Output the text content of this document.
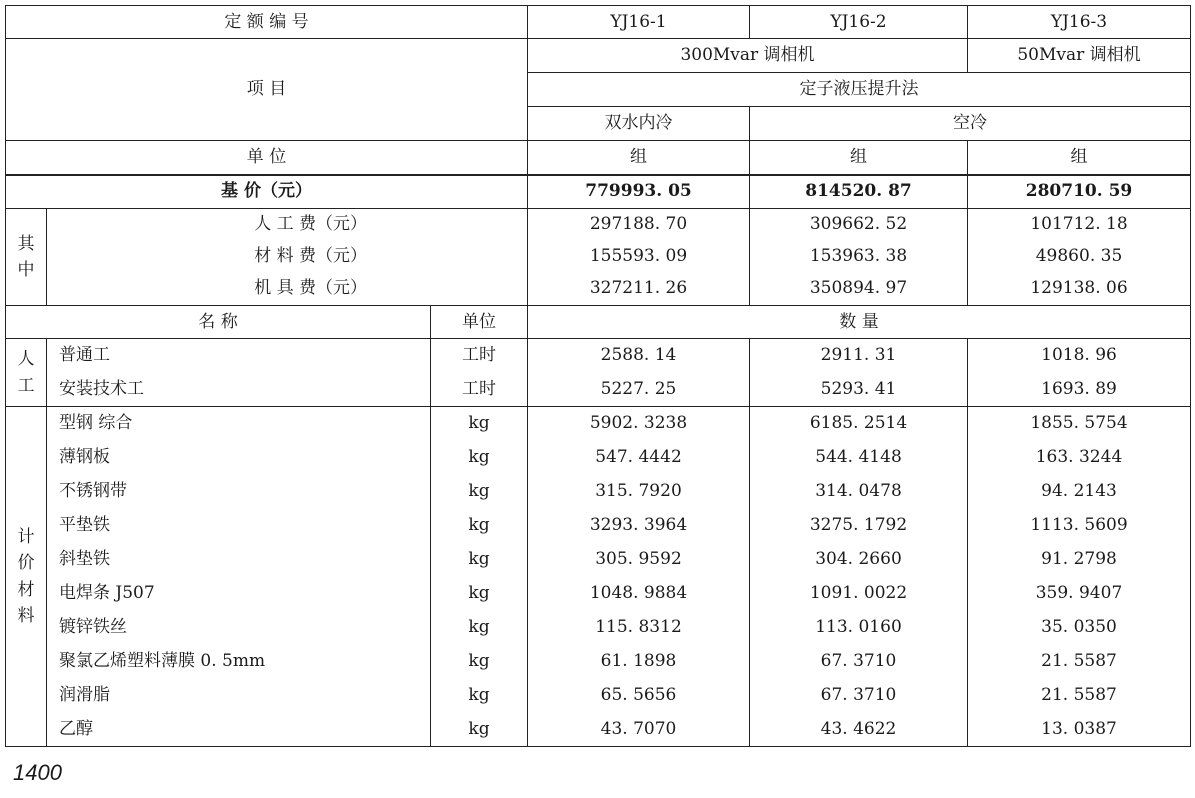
定 额 编 号			YJ16-1	YJ16-2	YJ16-3
项 目			300Mvar 调相机		50Mvar 调相机
			定子液压提升法		
			双水内冷	空冷	
单 位			组	组	组
基 价（元）			779993. 05	814520. 87	280710. 59
其中	人 工 费（元）		297188. 70	309662. 52	101712. 18
	材 料 费（元）		155593. 09	153963. 38	49860. 35
	机 具 费（元）		327211. 26	350894. 97	129138. 06
名 称		单位	数 量		
人工	普通工	工时	2588. 14	2911. 31	1018. 96
	安装技术工	工时	5227. 25	5293. 41	1693. 89
计价材料	型钢 综合	kg	5902. 3238	6185. 2514	1855. 5754
	薄钢板	kg	547. 4442	544. 4148	163. 3244
	不锈钢带	kg	315. 7920	314. 0478	94. 2143
	平垫铁	kg	3293. 3964	3275. 1792	1113. 5609
	斜垫铁	kg	305. 9592	304. 2660	91. 2798
	电焊条 J507	kg	1048. 9884	1091. 0022	359. 9407
	镀锌铁丝	kg	115. 8312	113. 0160	35. 0350
	聚氯乙烯塑料薄膜 0. 5mm	kg	61. 1898	67. 3710	21. 5587
	润滑脂	kg	65. 5656	67. 3710	21. 5587
	乙醇	kg	43. 7070	43. 4622	13. 0387
1400
